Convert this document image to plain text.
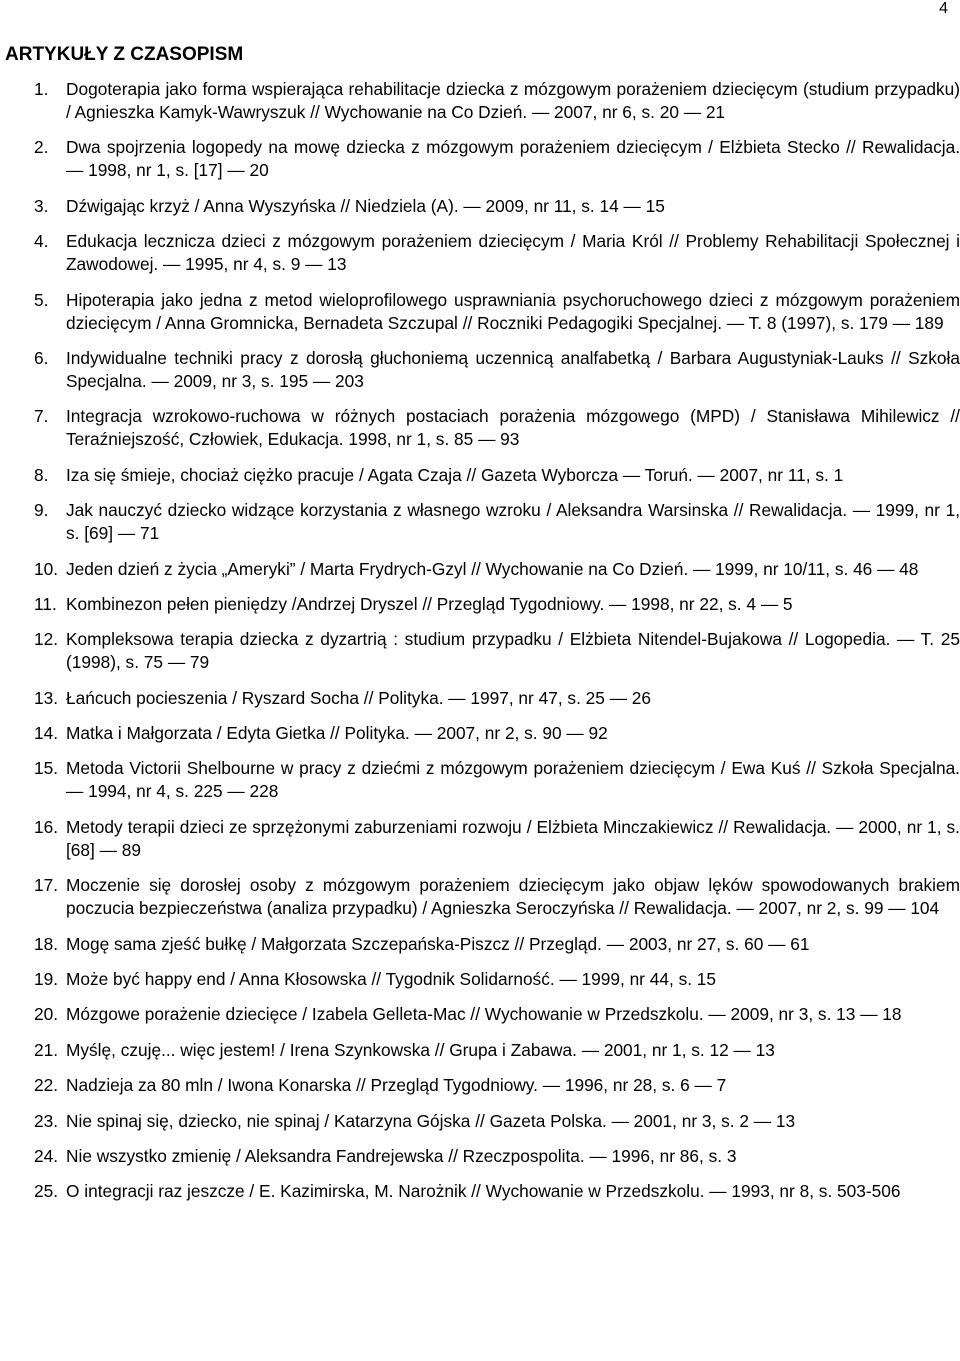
4
ARTYKUŁY Z CZASOPISM
1. Dogoterapia jako forma wspierająca rehabilitacje dziecka z mózgowym porażeniem dziecięcym (studium przypadku) / Agnieszka Kamyk-Wawryszuk // Wychowanie na Co Dzień. — 2007, nr 6, s. 20 — 21
2. Dwa spojrzenia logopedy na mowę dziecka z mózgowym porażeniem dziecięcym / Elżbieta Stecko // Rewalidacja. — 1998, nr 1, s. [17] — 20
3. Dźwigając krzyż / Anna Wyszyńska // Niedziela (A). — 2009, nr 11, s. 14 — 15
4. Edukacja lecznicza dzieci z mózgowym porażeniem dziecięcym / Maria Król // Problemy Rehabilitacji Społecznej i Zawodowej. — 1995, nr 4, s. 9 — 13
5. Hipoterapia jako jedna z metod wieloprofilowego usprawniania psychoruchowego dzieci z mózgowym porażeniem dziecięcym / Anna Gromnicka, Bernadeta Szczupal // Roczniki Pedagogiki Specjalnej. — T. 8 (1997), s. 179 — 189
6. Indywidualne techniki pracy z dorosłą głuchoniemą uczennicą analfabetką / Barbara Augustyniak-Lauks // Szkoła Specjalna. — 2009, nr 3, s. 195 — 203
7. Integracja wzrokowo-ruchowa w różnych postaciach porażenia mózgowego (MPD) / Stanisława Mihilewicz // Teraźniejszość, Człowiek, Edukacja. 1998, nr 1, s. 85 — 93
8. Iza się śmieje, chociaż ciężko pracuje / Agata Czaja // Gazeta Wyborcza — Toruń. — 2007, nr 11, s. 1
9. Jak nauczyć dziecko widzące korzystania z własnego wzroku / Aleksandra Warsinska // Rewalidacja. — 1999, nr 1, s. [69] — 71
10. Jeden dzień z życia „Ameryki” / Marta Frydrych-Gzyl // Wychowanie na Co Dzień. — 1999, nr 10/11, s. 46 — 48
11. Kombinezon pełen pieniędzy /Andrzej Dryszel // Przegląd Tygodniowy. — 1998, nr 22, s. 4 — 5
12. Kompleksowa terapia dziecka z dyzartrią : studium przypadku / Elżbieta Nitendel-Bujakowa // Logopedia. — T. 25 (1998), s. 75 — 79
13. Łańcuch pocieszenia / Ryszard Socha // Polityka. — 1997, nr 47, s. 25 — 26
14. Matka i Małgorzata / Edyta Gietka // Polityka. — 2007, nr 2, s. 90 — 92
15. Metoda Victorii Shelbourne w pracy z dziećmi z mózgowym porażeniem dziecięcym / Ewa Kuś // Szkoła Specjalna. — 1994, nr 4, s. 225 — 228
16. Metody terapii dzieci ze sprzężonymi zaburzeniami rozwoju / Elżbieta Minczakiewicz // Rewalidacja. — 2000, nr 1, s. [68] — 89
17. Moczenie się dorosłej osoby z mózgowym porażeniem dziecięcym jako objaw lęków spowodowanych brakiem poczucia bezpieczeństwa (analiza przypadku) / Agnieszka Seroczyńska // Rewalidacja. — 2007, nr 2, s. 99 — 104
18. Mogę sama zjeść bułkę / Małgorzata Szczepańska-Piszcz // Przegląd. — 2003, nr 27, s. 60 — 61
19. Może być happy end / Anna Kłosowska // Tygodnik Solidarność. — 1999, nr 44, s. 15
20. Mózgowe porażenie dziecięce / Izabela Gelleta-Mac // Wychowanie w Przedszkolu. — 2009, nr 3, s. 13 — 18
21. Myślę, czuję... więc jestem! / Irena Szynkowska // Grupa i Zabawa. — 2001, nr 1, s. 12 — 13
22. Nadzieja za 80 mln / Iwona Konarska // Przegląd Tygodniowy. — 1996, nr 28, s. 6 — 7
23. Nie spinaj się, dziecko, nie spinaj / Katarzyna Gójska // Gazeta Polska. — 2001, nr 3, s. 2 — 13
24. Nie wszystko zmienię / Aleksandra Fandrejewska // Rzeczpospolita. — 1996, nr 86, s. 3
25. O integracji raz jeszcze / E. Kazimirska, M. Narożnik // Wychowanie w Przedszkolu. — 1993, nr 8, s. 503-506
